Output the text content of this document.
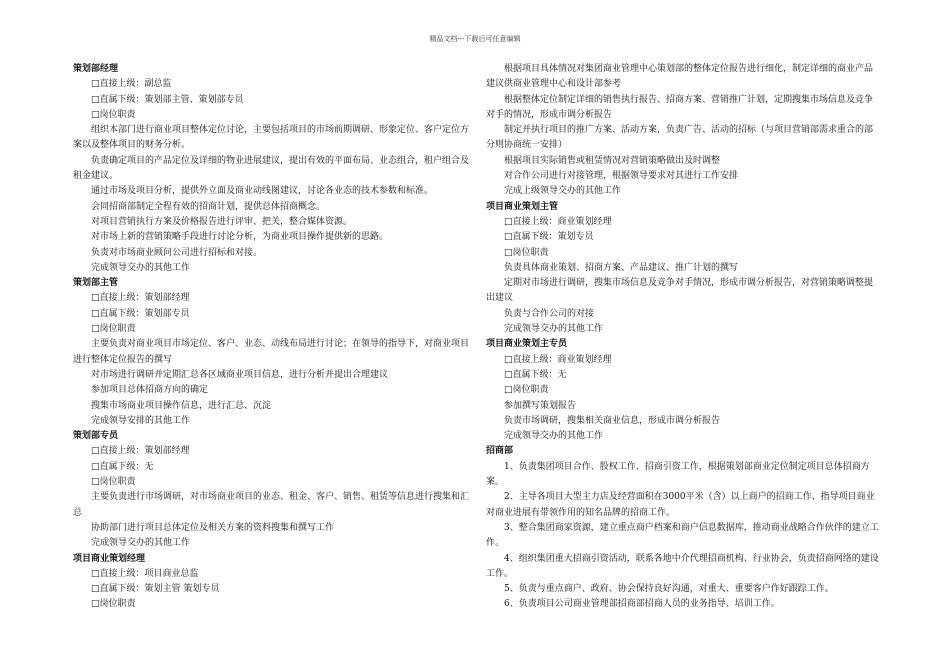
精品文档---下载后可任意编辑

策划部经理

□直接上级：副总监

□直属下级：策划部主管、策划部专员

□岗位职责

组织本部门进行商业项目整体定位讨论，主要包括项目的市场前期调研、形象定位、客户定位方案以及整体项目的财务分析。

负责确定项目的产品定位及详细的物业进展建议，提出有效的平面布局、业态组合，租户组合及租金建议。

通过市场及项目分析，提供外立面及商业动线图建议，讨论各业态的技术参数和标准。

会同招商部制定全程有效的招商计划，提供总体招商概念。

对项目营销执行方案及价格报告进行评审、把关，整合媒体资源。

对市场上新的营销策略手段进行讨论分析，为商业项目操作提供新的思路。

负责对市场商业顾问公司进行招标和对接。

完成领导交办的其他工作

策划部主管

□直接上级：策划部经理

□直属下级：策划部专员

□岗位职责

主要负责对商业项目市场定位、客户、业态、动线布局进行讨论；在领导的指导下，对商业项目进行整体定位报告的撰写

对市场进行调研并定期汇总各区域商业项目信息，进行分析并提出合理建议

参加项目总体招商方向的确定

搜集市场商业项目操作信息，进行汇总、沉淀

完成领导安排的其他工作

策划部专员

□直接上级：策划部经理

□直属下级：无

□岗位职责

主要负责进行市场调研，对市场商业项目的业态、租金、客户、销售、租赁等信息进行搜集和汇总

协助部门进行项目总体定位及相关方案的资料搜集和撰写工作

完成领导交办的其他工作

项目商业策划经理

□直接上级：项目商业总监

□直属下级：策划主管 策划专员

□岗位职责

根据项目具体情况对集团商业管理中心策划部的整体定位报告进行细化，制定详细的商业产品建议供商业管理中心和设计部参考

根据整体定位制定详细的销售执行报告、招商方案、营销推广计划，定期搜集市场信息及竞争对手的情况，形成市调分析报告

制定并执行项目的推广方案、活动方案，负责广告、活动的招标（与项目营销部需求重合的部分则协商统一安排）

根据项目实际销售或租赁情况对营销策略做出及时调整

对合作公司进行对接管理，根据领导要求对其进行工作安排

完成上级领导交办的其他工作

项目商业策划主管

□直接上级：商业策划经理

□直属下级：策划专员

□岗位职责

负责具体商业策划、招商方案、产品建议、推广计划的撰写

定期对市场进行调研，搜集市场信息及竞争对手情况，形成市调分析报告，对营销策略调整提出建议

负责与合作公司的对接

完成领导交办的其他工作

项目商业策划主专员

□直接上级：商业策划经理

□直属下级：无

□岗位职责

参加撰写策划报告

负责市场调研，搜集相关商业信息，形成市调分析报告

完成领导交办的其他工作

招商部

1、负责集团项目合作、股权工作、招商引资工作，根据策划部商业定位制定项目总体招商方案。

2、主导各项目大型主力店及经营面积在3000平米（含）以上商户的招商工作、指导项目商业对商业进展有带领作用的知名品牌的招商工作。

3、整合集团商家资源，建立重点商户档案和商户信息数据库，推动商业战略合作伙伴的建立工作。

4、组织集团重大招商引资活动，联系各地中介代理招商机构、行业协会，负责招商网络的建设工作。

5、负责与重点商户、政府、协会保持良好沟通，对重大、重要客户作好跟踪工作。

6、负责项目公司商业管理部招商部招商人员的业务指导、培训工作。
